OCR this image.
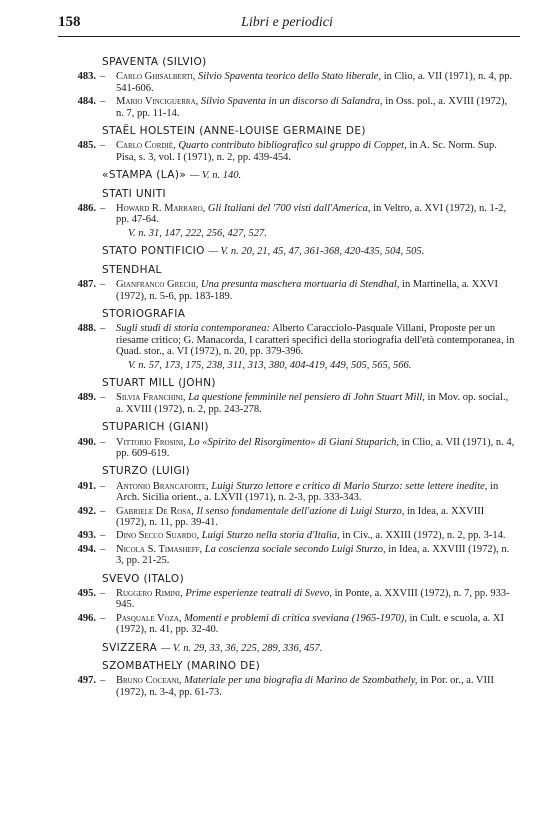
158	Libri e periodici
SPAVENTA (SILVIO)
483. – Carlo Ghisalberti, Silvio Spaventa teorico dello Stato liberale, in Clio, a. VII (1971), n. 4, pp. 541-606.
484. – Mario Vinciguerra, Silvio Spaventa in un discorso di Salandra, in Oss. pol., a. XVIII (1972), n. 7, pp. 11-14.
STAËL HOLSTEIN (ANNE-LOUISE GERMAINE DE)
485. – Carlo Cordiè, Quarto contributo bibliografico sul gruppo di Coppet, in A. Sc. Norm. Sup. Pisa, s. 3, vol. I (1971), n. 2, pp. 439-454.
«STAMPA (LA)» — V. n. 140.
STATI UNITI
486. – Howard R. Marraro, Gli Italiani del '700 visti dall'America, in Veltro, a. XVI (1972), n. 1-2, pp. 47-64.
V. n. 31, 147, 222, 256, 427, 527.
STATO PONTIFICIO — V. n. 20, 21, 45, 47, 361-368, 420-435, 504, 505.
STENDHAL
487. – Gianfranco Grechi, Una presunta maschera mortuaria di Stendhal, in Martinella, a. XXVI (1972), n. 5-6, pp. 183-189.
STORIOGRAFIA
488. – Sugli studi di storia contemporanea: Alberto Caracciolo-Pasquale Villani, Proposte per un riesame critico; G. Manacorda, I caratteri specifici della storiografia dell'età contemporanea, in Quad. stor., a. VI (1972), n. 20, pp. 379-396.
V. n. 57, 173, 175, 238, 311, 313, 380, 404-419, 449, 505, 565, 566.
STUART MILL (JOHN)
489. – Silvia Franchini, La questione femminile nel pensiero di John Stuart Mill, in Mov. op. social., a. XVIII (1972), n. 2, pp. 243-278.
STUPARICH (GIANI)
490. – Vittorio Frosini, Lo «Spirito del Risorgimento» di Giani Stuparich, in Clio, a. VII (1971), n. 4, pp. 609-619.
STURZO (LUIGI)
491. – Antonio Brancaforte, Luigi Sturzo lettore e critico di Mario Sturzo: sette lettere inedite, in Arch. Sicilia orient., a. LXVII (1971), n. 2-3, pp. 333-343.
492. – Gabriele De Rosa, Il senso fondamentale dell'azione di Luigi Sturzo, in Idea, a. XXVIII (1972), n. 11, pp. 39-41.
493. – Dino Secco Suardo, Luigi Sturzo nella storia d'Italia, in Civ., a. XXIII (1972), n. 2, pp. 3-14.
494. – Nicola S. Timasheff, La coscienza sociale secondo Luigi Sturzo, in Idea, a. XXVIII (1972), n. 3, pp. 21-25.
SVEVO (ITALO)
495. – Ruggero Rimini, Prime esperienze teatrali di Svevo, in Ponte, a. XXVIII (1972), n. 7, pp. 933-945.
496. – Pasquale Voza, Momenti e problemi di critica sveviana (1965-1970), in Cult. e scuola, a. XI (1972), n. 41, pp. 32-40.
SVIZZERA — V. n. 29, 33, 36, 225, 289, 336, 457.
SZOMBATHELY (MARINO DE)
497. – Bruno Coceani, Materiale per una biografia di Marino de Szombathely, in Por. or., a. VIII (1972), n. 3-4, pp. 61-73.
